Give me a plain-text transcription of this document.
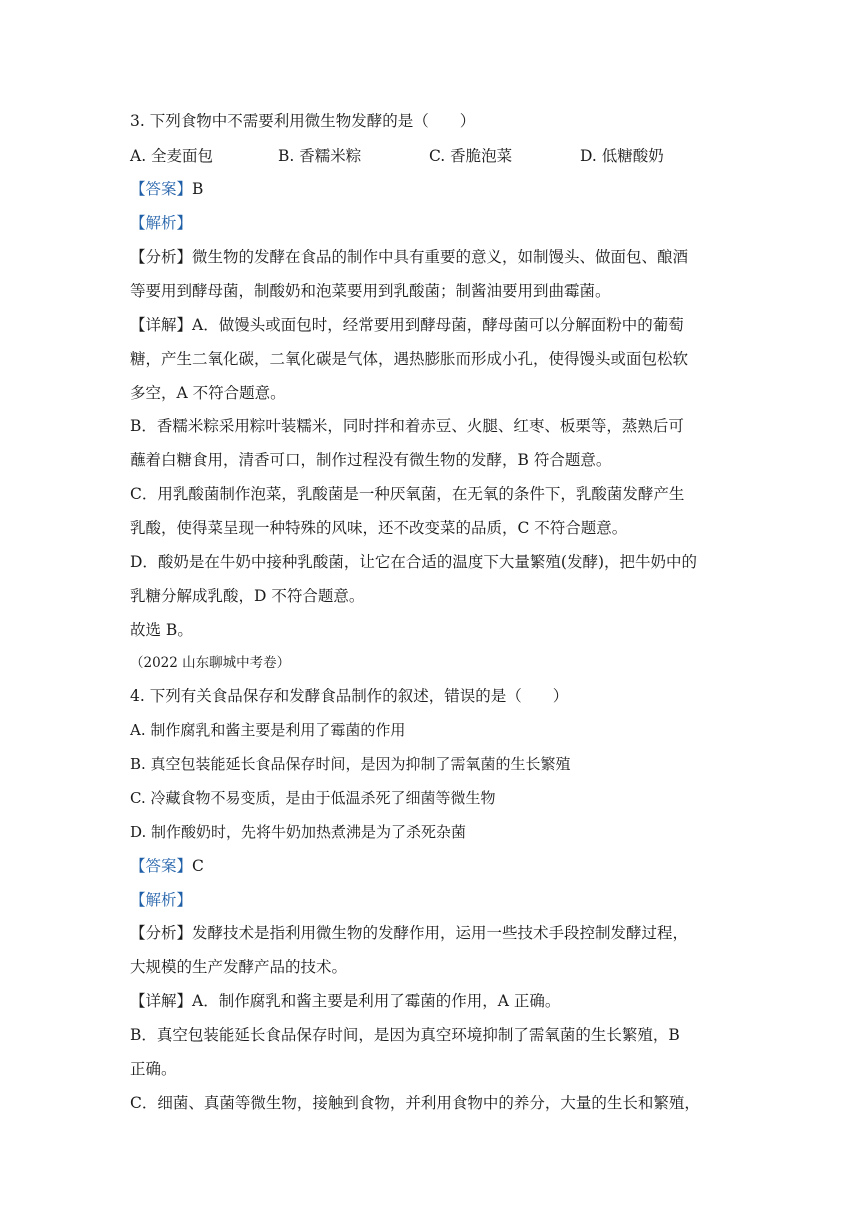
3. 下列食物中不需要利用微生物发酵的是（　　）
A. 全麦面包	B. 香糯米粽	C. 香脆泡菜	D. 低糖酸奶
【答案】B
【解析】
【分析】微生物的发酵在食品的制作中具有重要的意义，如制馒头、做面包、酿酒
等要用到酵母菌，制酸奶和泡菜要用到乳酸菌；制酱油要用到曲霉菌。
【详解】A．做馒头或面包时，经常要用到酵母菌，酵母菌可以分解面粉中的葡萄
糖，产生二氧化碳，二氧化碳是气体，遇热膨胀而形成小孔，使得馒头或面包松软
多空，A 不符合题意。
B．香糯米粽采用粽叶装糯米，同时拌和着赤豆、火腿、红枣、板栗等，蒸熟后可
蘸着白糖食用，清香可口，制作过程没有微生物的发酵，B 符合题意。
C．用乳酸菌制作泡菜，乳酸菌是一种厌氧菌，在无氧的条件下，乳酸菌发酵产生
乳酸，使得菜呈现一种特殊的风味，还不改变菜的品质，C 不符合题意。
D．酸奶是在牛奶中接种乳酸菌，让它在合适的温度下大量繁殖(发酵)，把牛奶中的
乳糖分解成乳酸，D 不符合题意。
故选 B。
（2022 山东聊城中考卷）
4. 下列有关食品保存和发酵食品制作的叙述，错误的是（　　）
A. 制作腐乳和酱主要是利用了霉菌的作用
B. 真空包装能延长食品保存时间，是因为抑制了需氧菌的生长繁殖
C. 冷藏食物不易变质，是由于低温杀死了细菌等微生物
D. 制作酸奶时，先将牛奶加热煮沸是为了杀死杂菌
【答案】C
【解析】
【分析】发酵技术是指利用微生物的发酵作用，运用一些技术手段控制发酵过程，
大规模的生产发酵产品的技术。
【详解】A．制作腐乳和酱主要是利用了霉菌的作用，A 正确。
B．真空包装能延长食品保存时间，是因为真空环境抑制了需氧菌的生长繁殖，B
正确。
C．细菌、真菌等微生物，接触到食物，并利用食物中的养分，大量的生长和繁殖，
